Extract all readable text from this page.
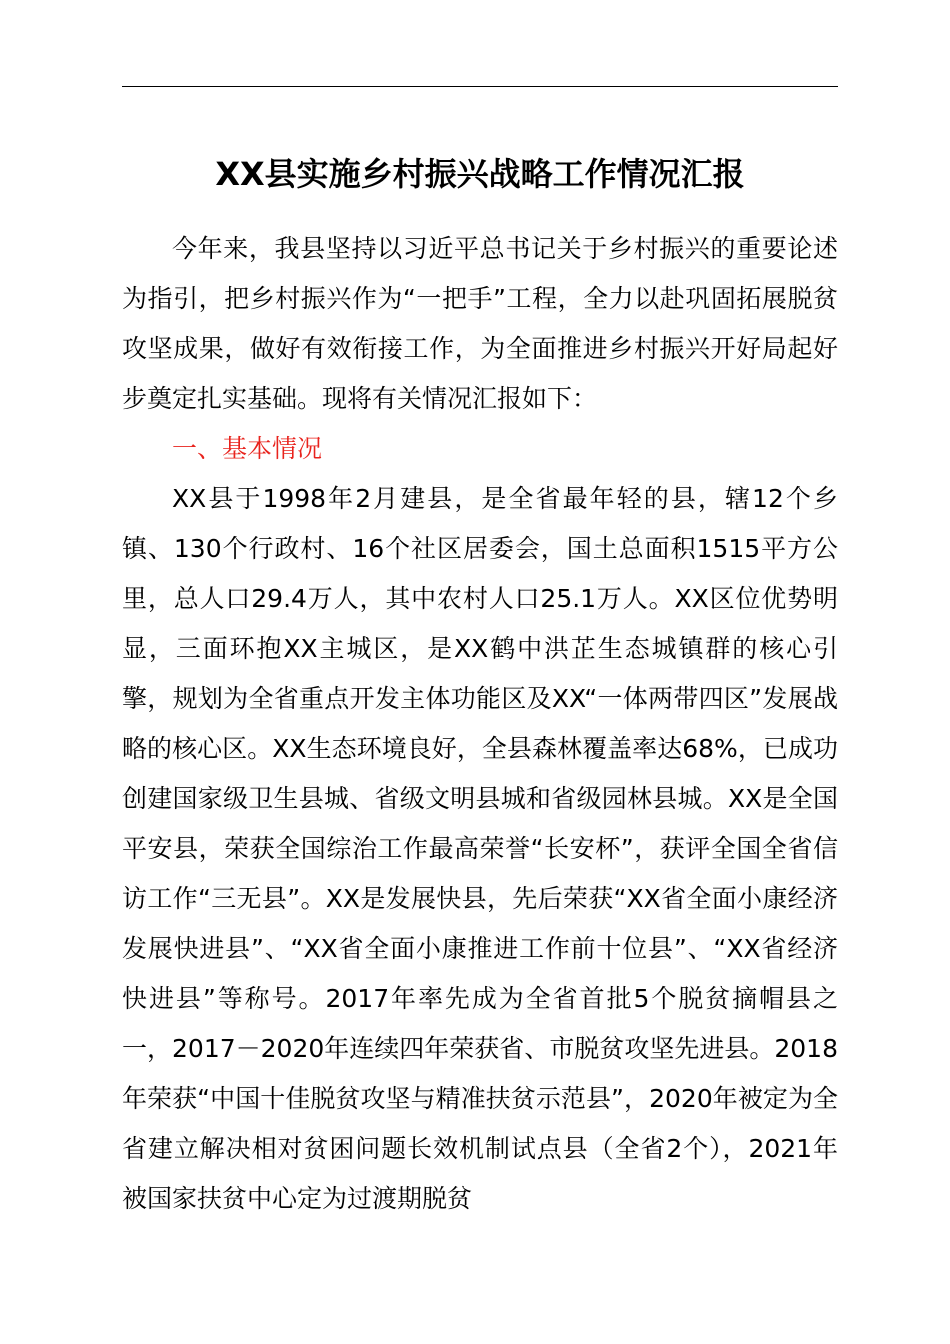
XX县实施乡村振兴战略工作情况汇报

今年来，我县坚持以习近平总书记关于乡村振兴的重要论述为指引，把乡村振兴作为“一把手”工程，全力以赴巩固拓展脱贫攻坚成果，做好有效衔接工作，为全面推进乡村振兴开好局起好步奠定扎实基础。现将有关情况汇报如下：

一、基本情况

XX县于1998年2月建县，是全省最年轻的县，辖12个乡镇、130个行政村、16个社区居委会，国土总面积1515平方公里，总人口29.4万人，其中农村人口25.1万人。XX区位优势明显，三面环抱XX主城区，是XX鹤中洪芷生态城镇群的核心引擎，规划为全省重点开发主体功能区及XX“一体两带四区”发展战略的核心区。XX生态环境良好，全县森林覆盖率达68%，已成功创建国家级卫生县城、省级文明县城和省级园林县城。XX是全国平安县，荣获全国综治工作最高荣誉“长安杯”，获评全国全省信访工作“三无县”。XX是发展快县，先后荣获“XX省全面小康经济发展快进县”、“XX省全面小康推进工作前十位县”、“XX省经济快进县”等称号。2017年率先成为全省首批5个脱贫摘帽县之一，2017－2020年连续四年荣获省、市脱贫攻坚先进县。2018年荣获“中国十佳脱贫攻坚与精准扶贫示范县”，2020年被定为全省建立解决相对贫困问题长效机制试点县（全省2个），2021年被国家扶贫中心定为过渡期脱贫
